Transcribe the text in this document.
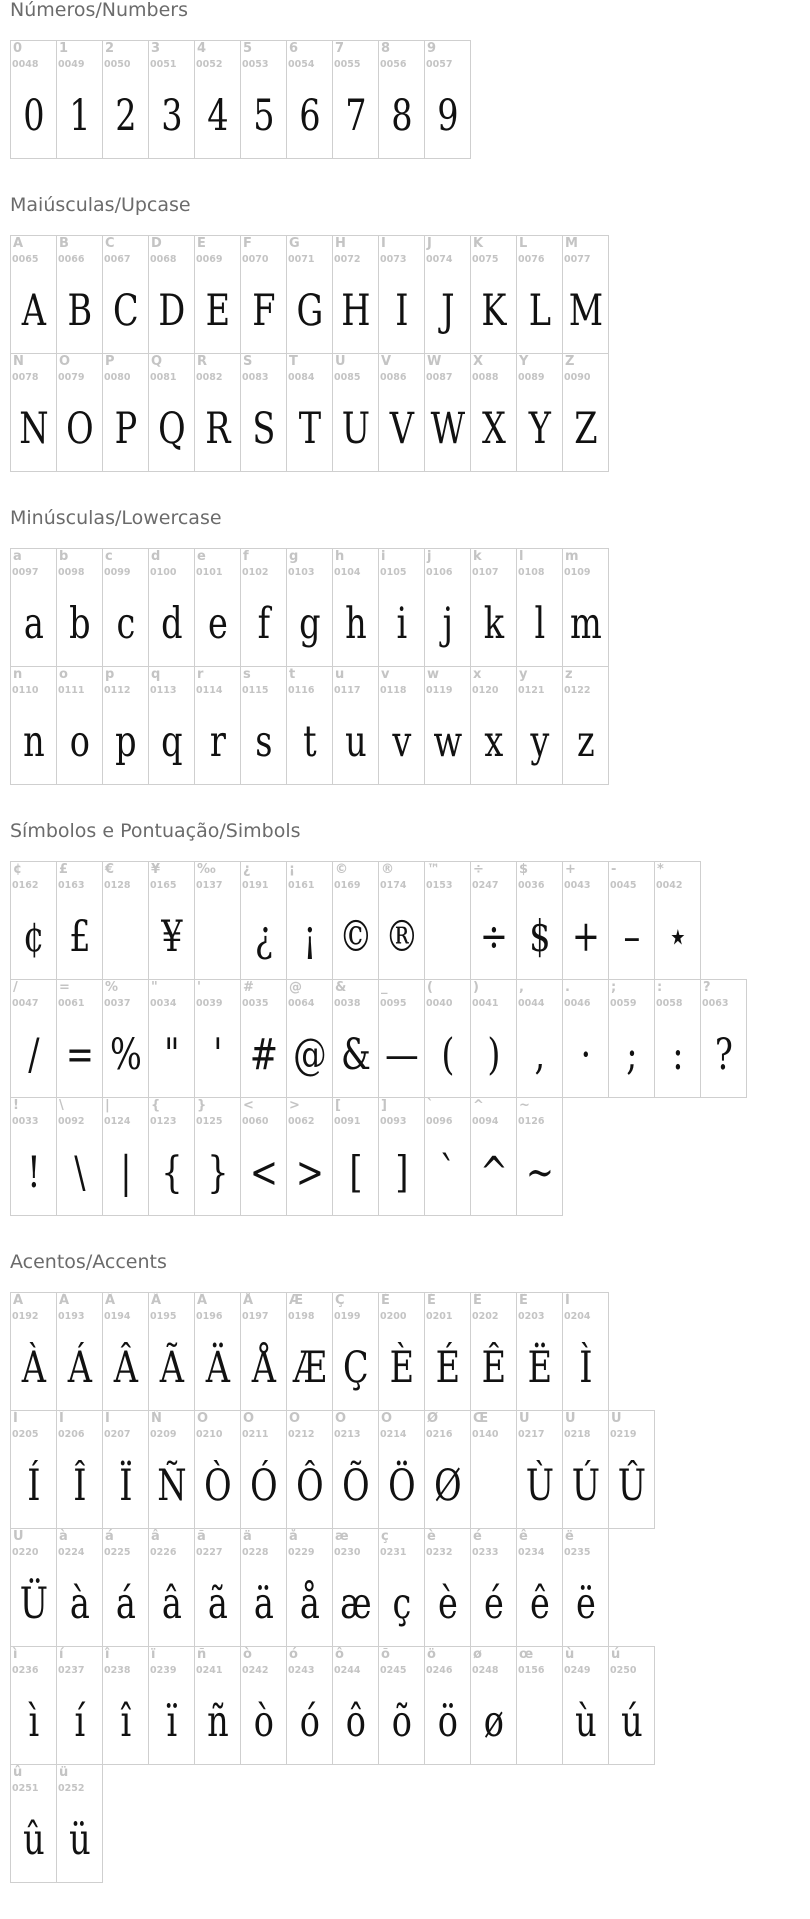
Números/Numbers
0
0048
0
1
0049
1
2
0050
2
3
0051
3
4
0052
4
5
0053
5
6
0054
6
7
0055
7
8
0056
8
9
0057
9
Maiúsculas/Upcase
A
0065
A
B
0066
B
C
0067
C
D
0068
D
E
0069
E
F
0070
F
G
0071
G
H
0072
H
I
0073
I
J
0074
J
K
0075
K
L
0076
L
M
0077
M
N
0078
N
O
0079
O
P
0080
P
Q
0081
Q
R
0082
R
S
0083
S
T
0084
T
U
0085
U
V
0086
V
W
0087
W
X
0088
X
Y
0089
Y
Z
0090
Z
Minúsculas/Lowercase
a
0097
a
b
0098
b
c
0099
c
d
0100
d
e
0101
e
f
0102
f
g
0103
g
h
0104
h
i
0105
i
j
0106
j
k
0107
k
l
0108
l
m
0109
m
n
0110
n
o
0111
o
p
0112
p
q
0113
q
r
0114
r
s
0115
s
t
0116
t
u
0117
u
v
0118
v
w
0119
w
x
0120
x
y
0121
y
z
0122
z
Símbolos e Pontuação/Simbols
¢
0162
¢
£
0163
£
€
0128
¥
0165
¥
‰
0137
¿
0191
¿
¡
0161
¡
©
0169
©
®
0174
®
™
0153
÷
0247
÷
$
0036
$
+
0043
+
-
0045
–
*
0042
⋆
/
0047
/
=
0061
=
%
0037
%
"
0034
"
'
0039
'
#
0035
#
@
0064
@
&
0038
&
_
0095
—
(
0040
(
)
0041
)
,
0044
,
.
0046
·
;
0059
;
:
0058
:
?
0063
?
!
0033
!
\
0092
\
|
0124
|
{
0123
{
}
0125
}
<
0060
<
>
0062
>
[
0091
[
]
0093
]
`
0096
`
^
0094
^
~
0126
~
Acentos/Accents
À
0192
À
Á
0193
Á
Â
0194
Â
Ã
0195
Ã
Ä
0196
Ä
Å
0197
Å
Æ
0198
Æ
Ç
0199
Ç
È
0200
È
É
0201
É
Ê
0202
Ê
Ë
0203
Ë
Ì
0204
Ì
Í
0205
Í
Î
0206
Î
Ï
0207
Ï
Ñ
0209
Ñ
Ò
0210
Ò
Ó
0211
Ó
Ô
0212
Ô
Õ
0213
Õ
Ö
0214
Ö
Ø
0216
Ø
Œ
0140
Ù
0217
Ù
Ú
0218
Ú
Û
0219
Û
Ü
0220
Ü
à
0224
à
á
0225
á
â
0226
â
ã
0227
ã
ä
0228
ä
å
0229
å
æ
0230
æ
ç
0231
ç
è
0232
è
é
0233
é
ê
0234
ê
ë
0235
ë
ì
0236
ì
í
0237
í
î
0238
î
ï
0239
ï
ñ
0241
ñ
ò
0242
ò
ó
0243
ó
ô
0244
ô
õ
0245
õ
ö
0246
ö
ø
0248
ø
œ
0156
ù
0249
ù
ú
0250
ú
û
0251
û
ü
0252
ü
